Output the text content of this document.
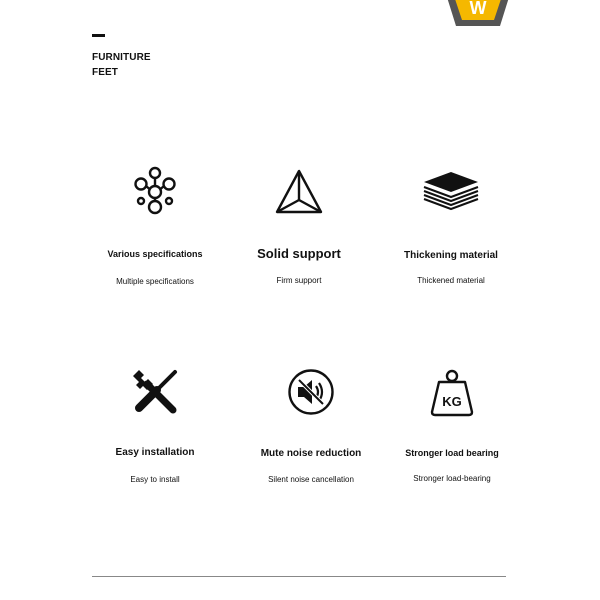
W
FURNITURE
FEET
Various specifications
Multiple specifications
Solid support
Firm support
Thickening material
Thickened material
Easy installation
Easy to install
Mute noise reduction
Silent noise cancellation
KG
Stronger load bearing
Stronger load-bearing
